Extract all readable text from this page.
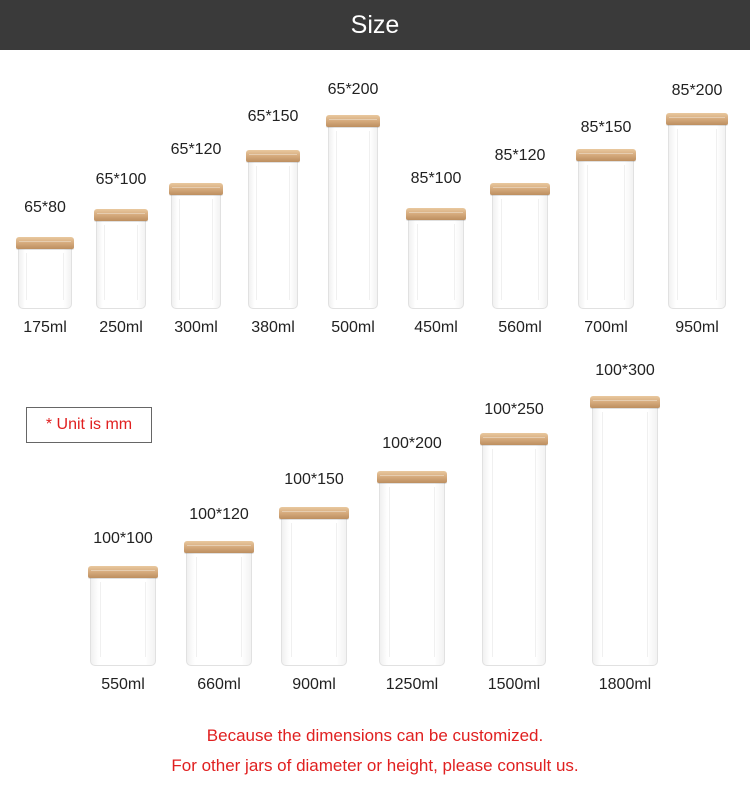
Size
65*80
175ml
65*100
250ml
65*120
300ml
65*150
380ml
65*200
500ml
85*100
450ml
85*120
560ml
85*150
700ml
85*200
950ml
* Unit is mm
100*100
550ml
100*120
660ml
100*150
900ml
100*200
1250ml
100*250
1500ml
100*300
1800ml
Because the dimensions can be customized.
For other jars of diameter or height, please consult us.
